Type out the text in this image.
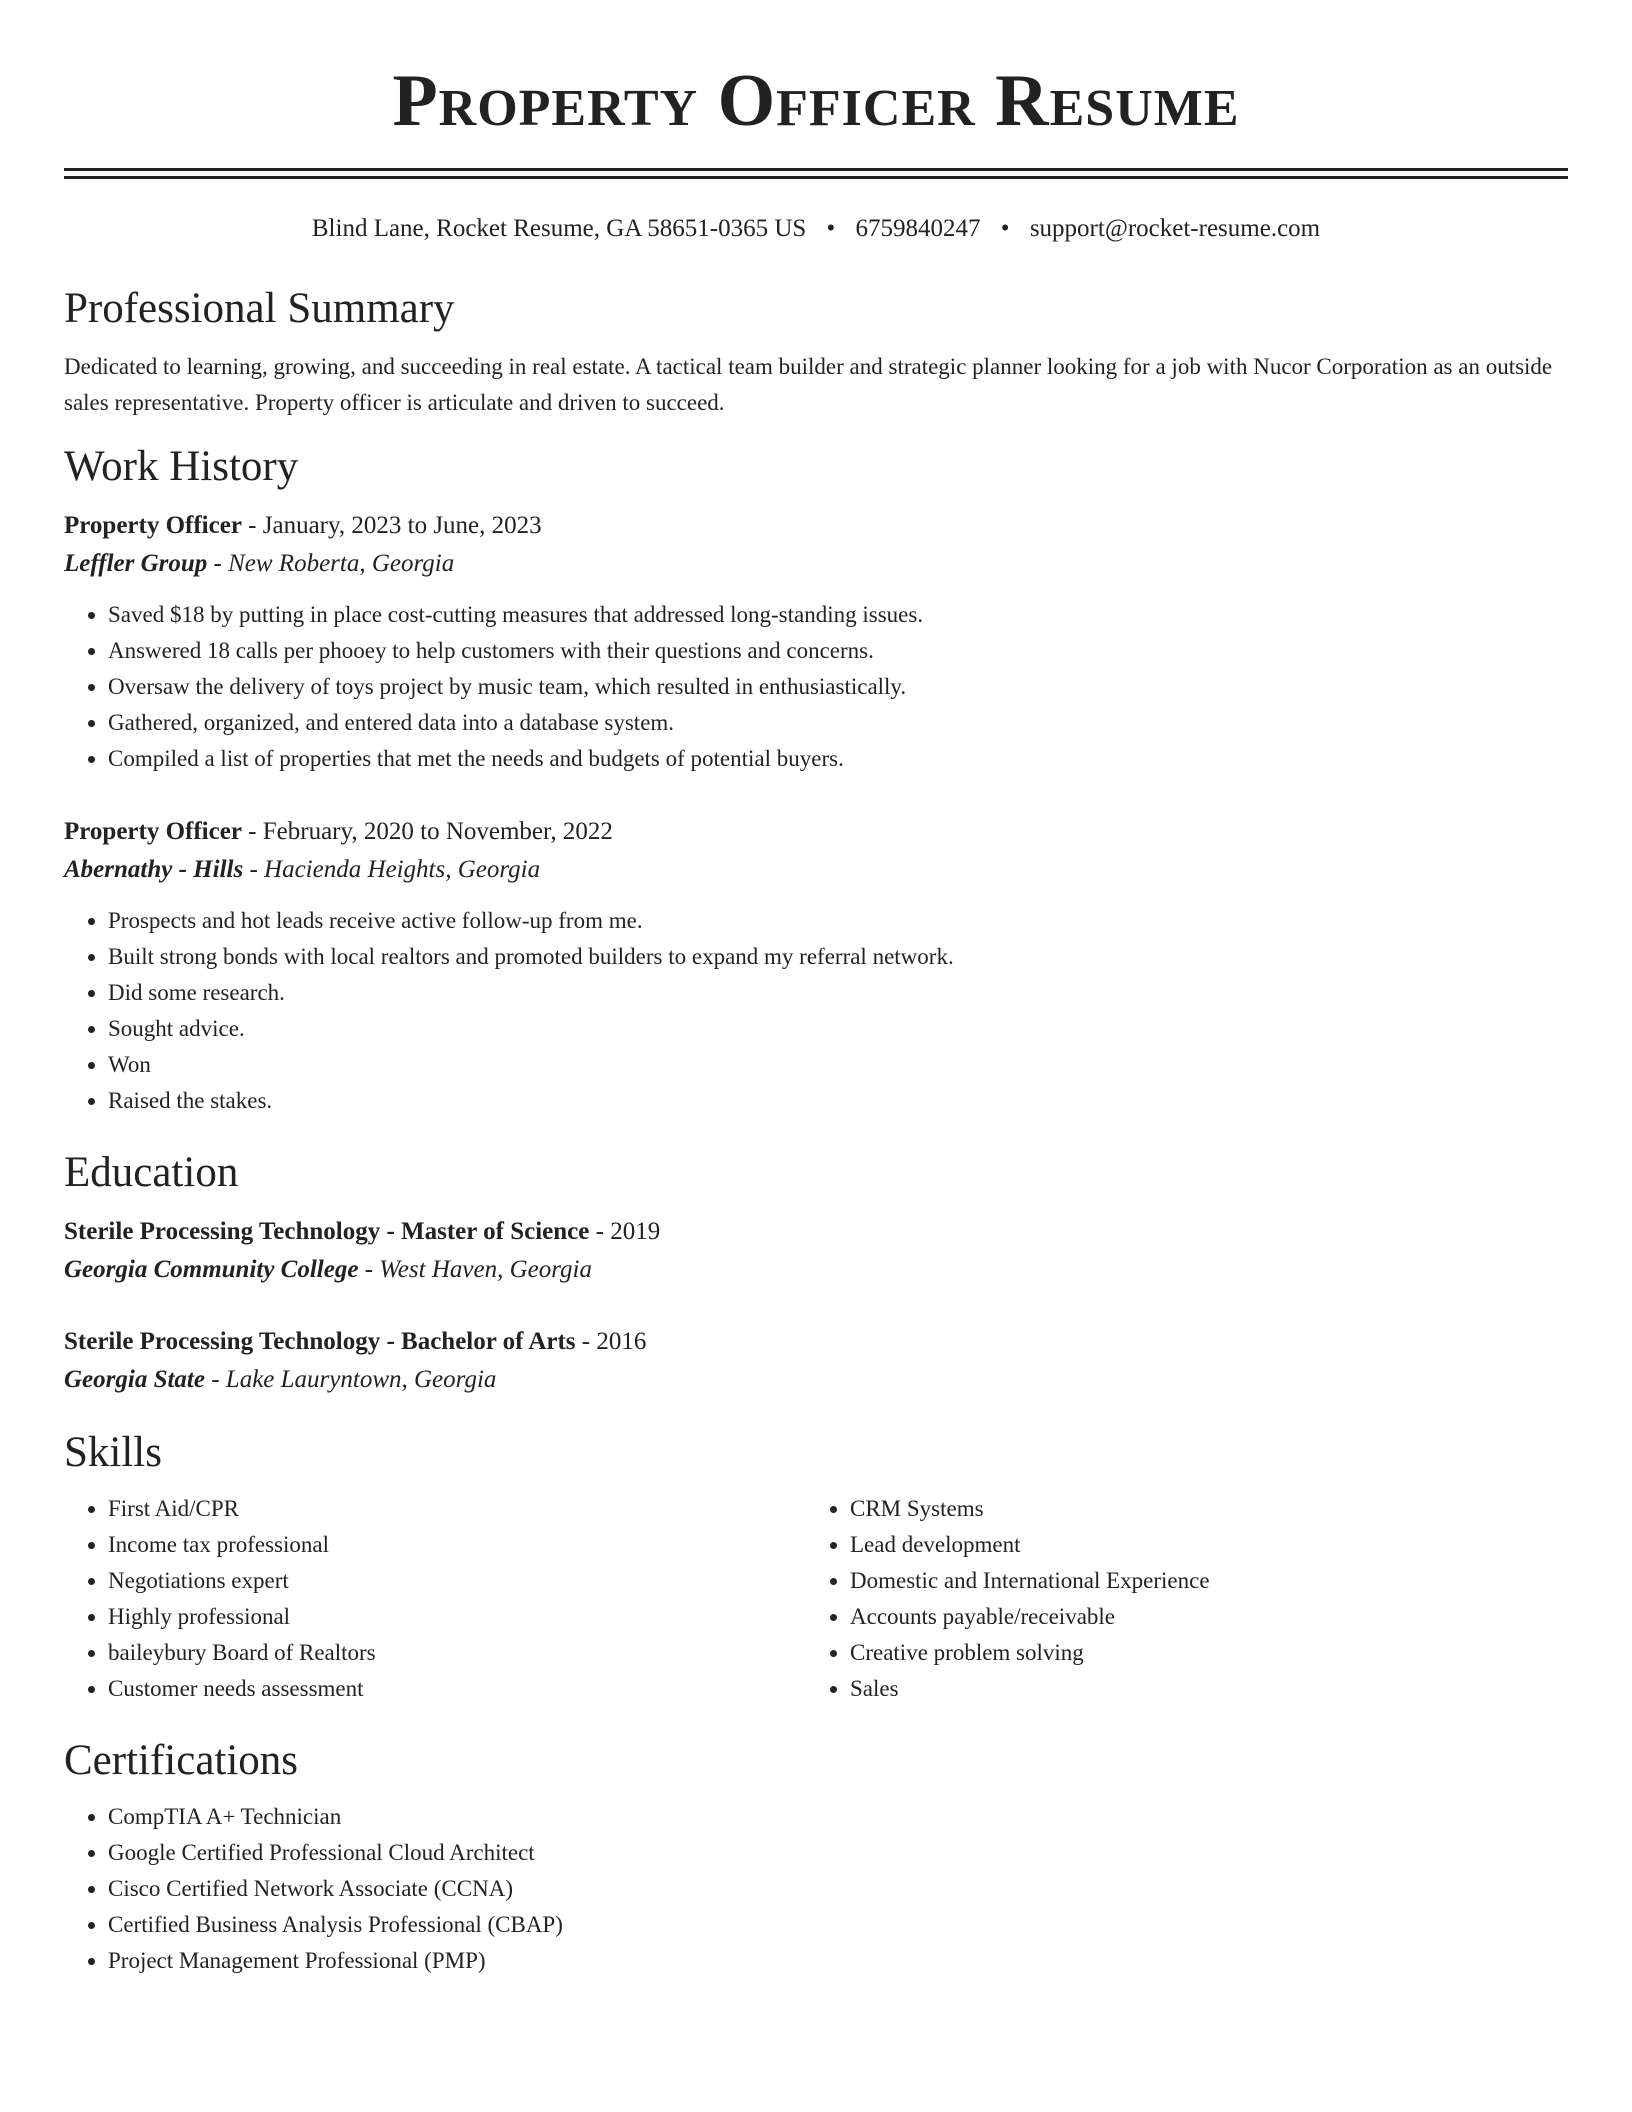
Property Officer Resume
Blind Lane, Rocket Resume, GA 58651-0365 US • 6759840247 • support@rocket-resume.com
Professional Summary
Dedicated to learning, growing, and succeeding in real estate. A tactical team builder and strategic planner looking for a job with Nucor Corporation as an outside sales representative. Property officer is articulate and driven to succeed.
Work History
Property Officer - January, 2023 to June, 2023
Leffler Group - New Roberta, Georgia
• Saved $18 by putting in place cost-cutting measures that addressed long-standing issues.
• Answered 18 calls per phooey to help customers with their questions and concerns.
• Oversaw the delivery of toys project by music team, which resulted in enthusiastically.
• Gathered, organized, and entered data into a database system.
• Compiled a list of properties that met the needs and budgets of potential buyers.
Property Officer - February, 2020 to November, 2022
Abernathy - Hills - Hacienda Heights, Georgia
• Prospects and hot leads receive active follow-up from me.
• Built strong bonds with local realtors and promoted builders to expand my referral network.
• Did some research.
• Sought advice.
• Won
• Raised the stakes.
Education
Sterile Processing Technology - Master of Science - 2019
Georgia Community College - West Haven, Georgia
Sterile Processing Technology - Bachelor of Arts - 2016
Georgia State - Lake Lauryntown, Georgia
Skills
• First Aid/CPR
• Income tax professional
• Negotiations expert
• Highly professional
• baileybury Board of Realtors
• Customer needs assessment
• CRM Systems
• Lead development
• Domestic and International Experience
• Accounts payable/receivable
• Creative problem solving
• Sales
Certifications
• CompTIA A+ Technician
• Google Certified Professional Cloud Architect
• Cisco Certified Network Associate (CCNA)
• Certified Business Analysis Professional (CBAP)
• Project Management Professional (PMP)
